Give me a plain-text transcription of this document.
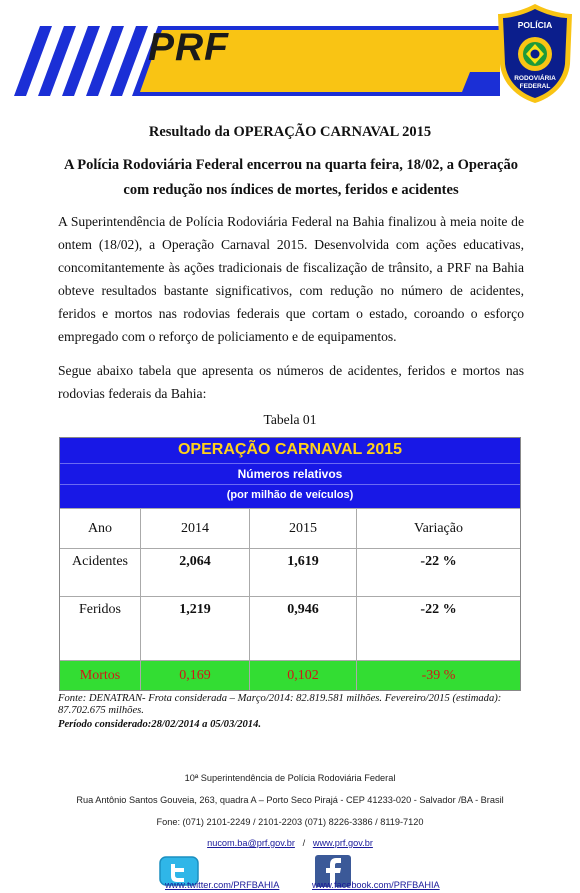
PRF
POLÍCIA
RODOVIÁRIA
FEDERAL
Resultado da OPERAÇÃO CARNAVAL 2015
A Polícia Rodoviária Federal encerrou na quarta feira, 18/02, a Operação com redução nos índices de mortes, feridos e acidentes
A Superintendência de Polícia Rodoviária Federal na Bahia finalizou à meia noite de ontem (18/02), a Operação Carnaval 2015. Desenvolvida com ações educativas, concomitantemente às ações tradicionais de fiscalização de trânsito, a PRF na Bahia obteve resultados bastante significativos, com redução no número de acidentes, feridos e mortos nas rodovias federais que cortam o estado, coroando o esforço empregado com o reforço de policiamento e de equipamentos.
Segue abaixo tabela que apresenta os números de acidentes, feridos e mortos nas rodovias federais da Bahia:
Tabela 01
OPERAÇÃO CARNAVAL 2015
Números relativos
(por milhão de veículos)
Ano	2014	2015	Variação
Acidentes	2,064	1,619	-22 %
Feridos	1,219	0,946	-22 %
Mortos	0,169	0,102	-39 %
Fonte: DENATRAN- Frota considerada – Março/2014: 82.819.581 milhões. Fevereiro/2015 (estimada): 87.702.675 milhões.
Período considerado:28/02/2014 a 05/03/2014.
10ª Superintendência de Polícia Rodoviária Federal
Rua Antônio Santos Gouveia, 263, quadra A – Porto Seco Pirajá - CEP 41233-020 - Salvador /BA - Brasil
Fone: (071) 2101-2249 / 2101-2203 (071) 8226-3386 / 8119-7120
nucom.ba@prf.gov.br / www.prf.gov.br
www.twitter.com/PRFBAHIA	www.facebook.com/PRFBAHIA
